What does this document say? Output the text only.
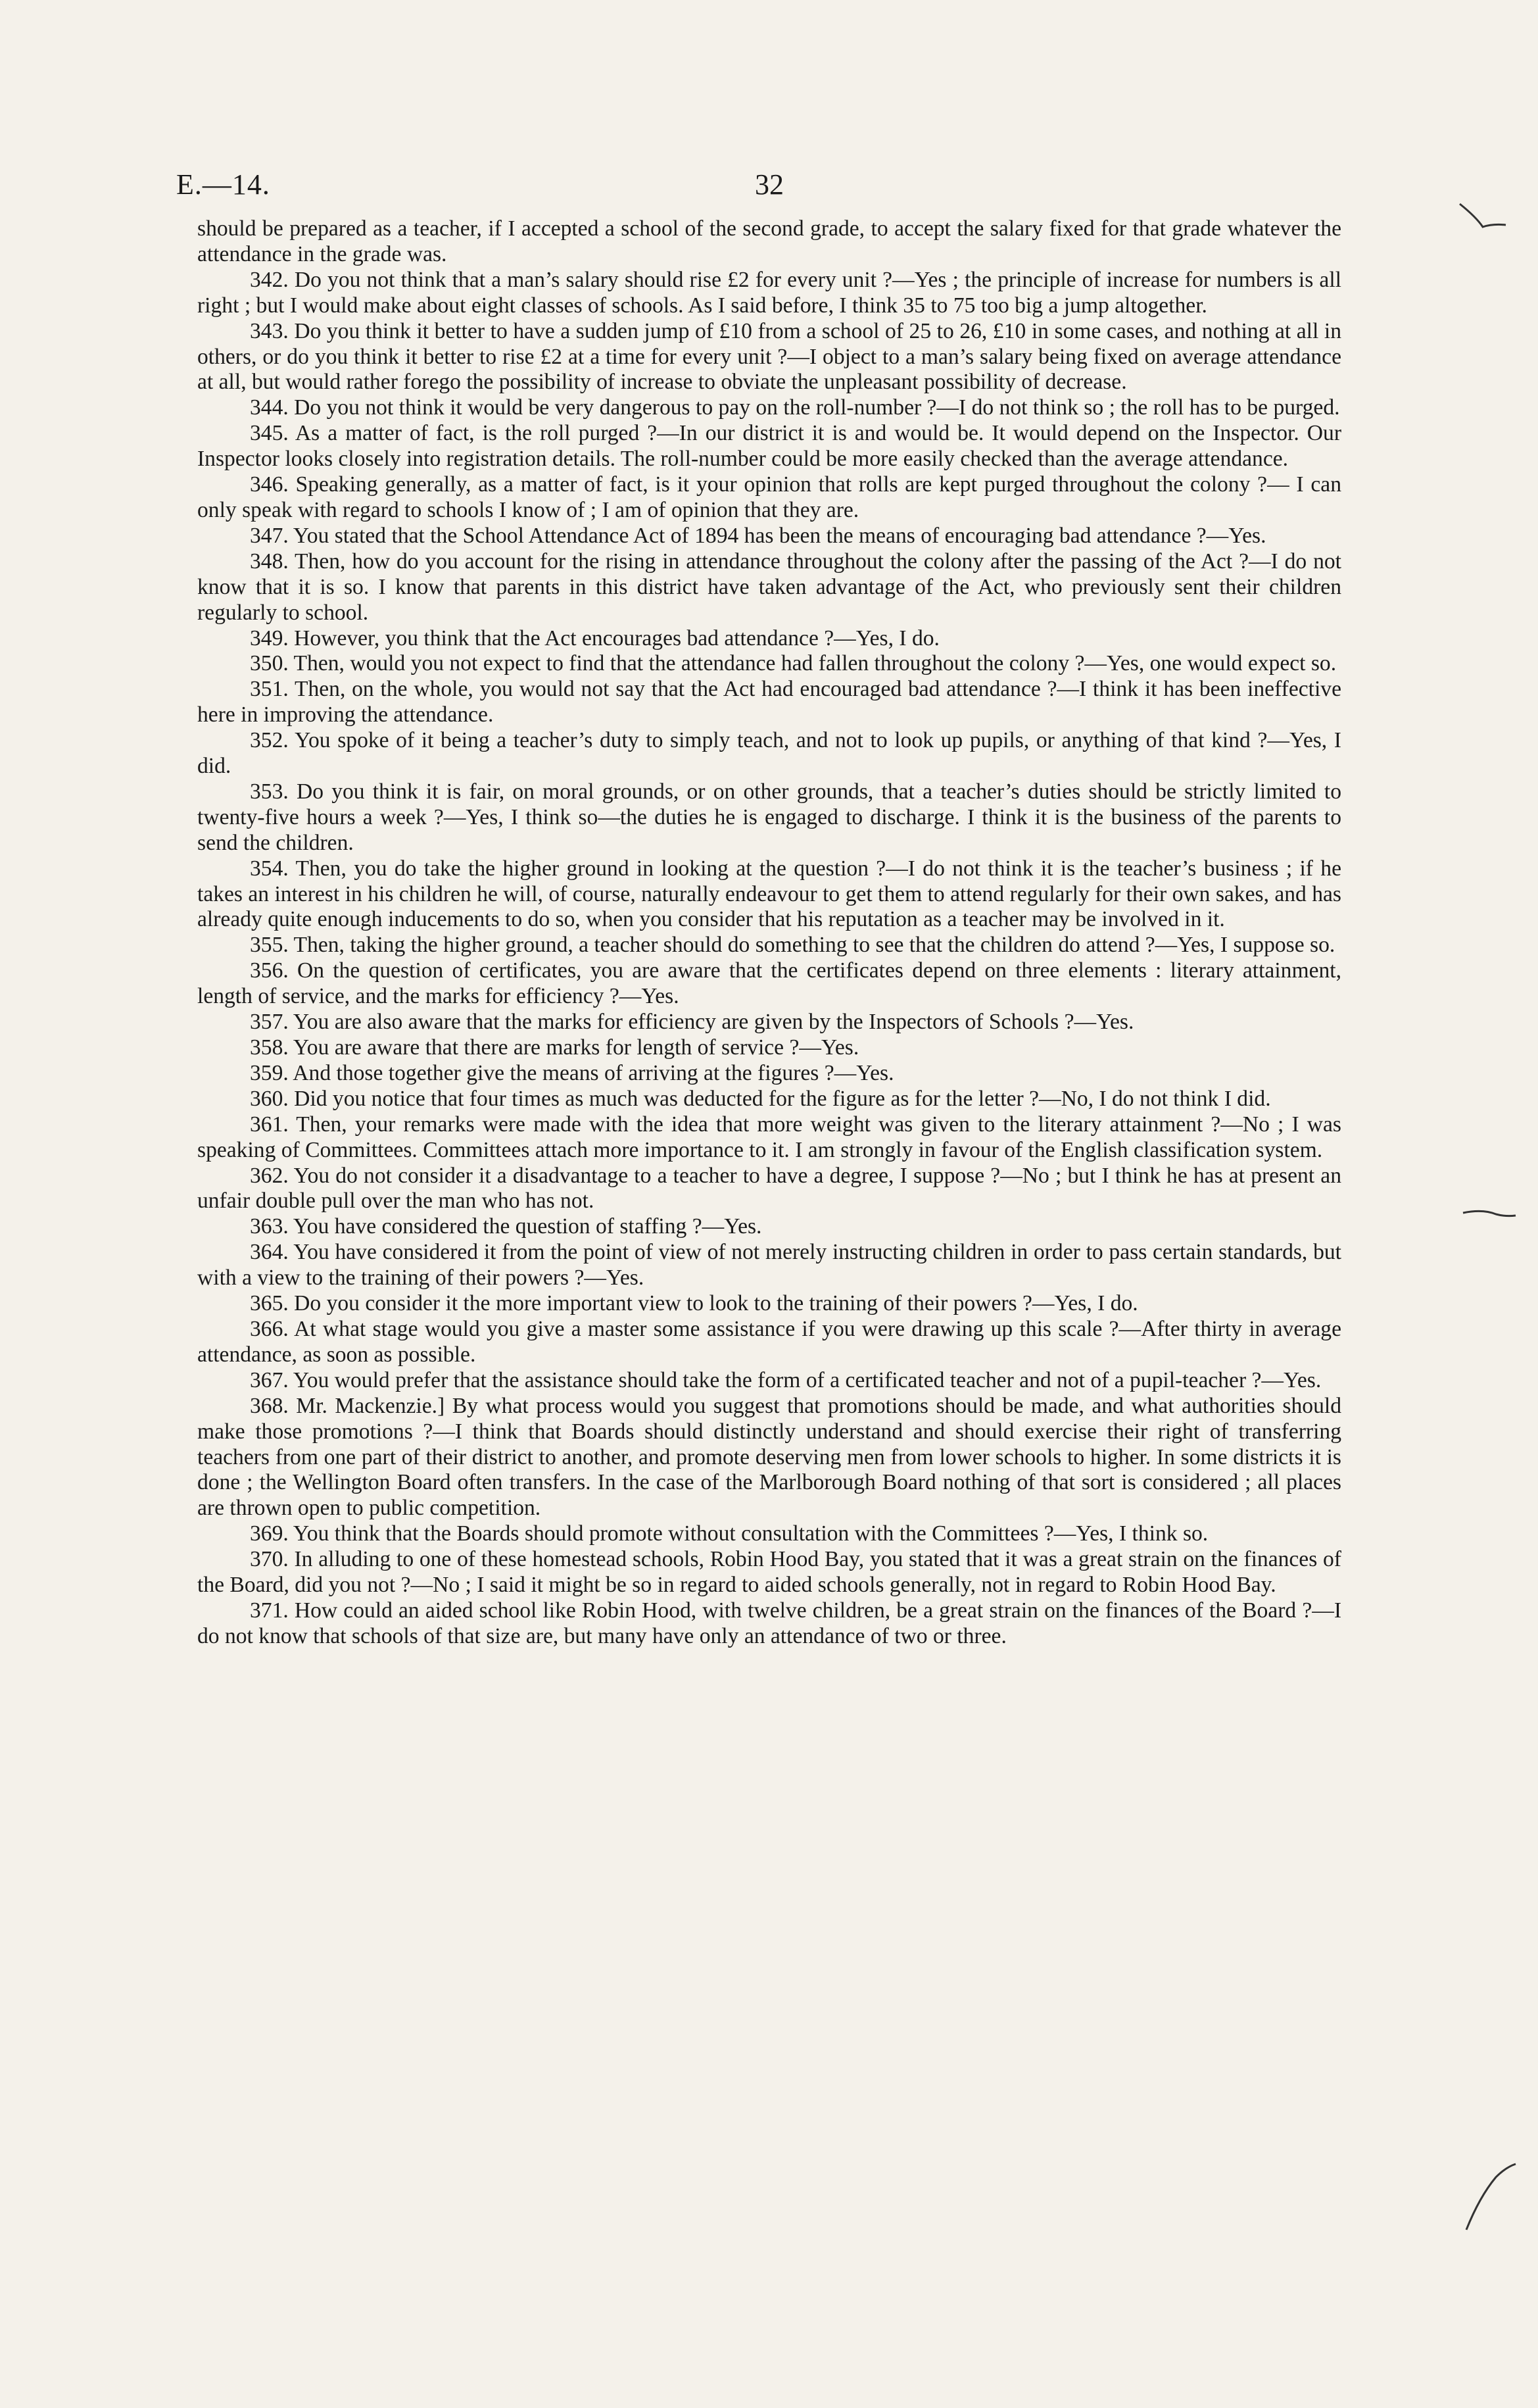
E.—14.	32

should be prepared as a teacher, if I accepted a school of the second grade, to accept the salary fixed for that grade whatever the attendance in the grade was.

342. Do you not think that a man’s salary should rise £2 for every unit ?—Yes ; the principle of increase for numbers is all right ; but I would make about eight classes of schools. As I said before, I think 35 to 75 too big a jump altogether.

343. Do you think it better to have a sudden jump of £10 from a school of 25 to 26, £10 in some cases, and nothing at all in others, or do you think it better to rise £2 at a time for every unit ?—I object to a man’s salary being fixed on average attendance at all, but would rather forego the possibility of increase to obviate the unpleasant possibility of decrease.

344. Do you not think it would be very dangerous to pay on the roll-number ?—I do not think so ; the roll has to be purged.

345. As a matter of fact, is the roll purged ?—In our district it is and would be. It would depend on the Inspector. Our Inspector looks closely into registration details. The roll-number could be more easily checked than the average attendance.

346. Speaking generally, as a matter of fact, is it your opinion that rolls are kept purged throughout the colony ?— I can only speak with regard to schools I know of ; I am of opinion that they are.

347. You stated that the School Attendance Act of 1894 has been the means of encouraging bad attendance ?—Yes.

348. Then, how do you account for the rising in attendance throughout the colony after the passing of the Act ?—I do not know that it is so. I know that parents in this district have taken advantage of the Act, who previously sent their children regularly to school.

349. However, you think that the Act encourages bad attendance ?—Yes, I do.

350. Then, would you not expect to find that the attendance had fallen throughout the colony ?—Yes, one would expect so.

351. Then, on the whole, you would not say that the Act had encouraged bad attendance ?—I think it has been ineffective here in improving the attendance.

352. You spoke of it being a teacher’s duty to simply teach, and not to look up pupils, or anything of that kind ?—Yes, I did.

353. Do you think it is fair, on moral grounds, or on other grounds, that a teacher’s duties should be strictly limited to twenty-five hours a week ?—Yes, I think so—the duties he is engaged to discharge. I think it is the business of the parents to send the children.

354. Then, you do take the higher ground in looking at the question ?—I do not think it is the teacher’s business ; if he takes an interest in his children he will, of course, naturally endeavour to get them to attend regularly for their own sakes, and has already quite enough inducements to do so, when you consider that his reputation as a teacher may be involved in it.

355. Then, taking the higher ground, a teacher should do something to see that the children do attend ?—Yes, I suppose so.

356. On the question of certificates, you are aware that the certificates depend on three elements : literary attainment, length of service, and the marks for efficiency ?—Yes.

357. You are also aware that the marks for efficiency are given by the Inspectors of Schools ?—Yes.

358. You are aware that there are marks for length of service ?—Yes.

359. And those together give the means of arriving at the figures ?—Yes.

360. Did you notice that four times as much was deducted for the figure as for the letter ?—No, I do not think I did.

361. Then, your remarks were made with the idea that more weight was given to the literary attainment ?—No ; I was speaking of Committees. Committees attach more importance to it. I am strongly in favour of the English classification system.

362. You do not consider it a disadvantage to a teacher to have a degree, I suppose ?—No ; but I think he has at present an unfair double pull over the man who has not.

363. You have considered the question of staffing ?—Yes.

364. You have considered it from the point of view of not merely instructing children in order to pass certain standards, but with a view to the training of their powers ?—Yes.

365. Do you consider it the more important view to look to the training of their powers ?—Yes, I do.

366. At what stage would you give a master some assistance if you were drawing up this scale ?—After thirty in average attendance, as soon as possible.

367. You would prefer that the assistance should take the form of a certificated teacher and not of a pupil-teacher ?—Yes.

368. Mr. Mackenzie.] By what process would you suggest that promotions should be made, and what authorities should make those promotions ?—I think that Boards should distinctly understand and should exercise their right of transferring teachers from one part of their district to another, and promote deserving men from lower schools to higher. In some districts it is done ; the Wellington Board often transfers. In the case of the Marlborough Board nothing of that sort is considered ; all places are thrown open to public competition.

369. You think that the Boards should promote without consultation with the Committees ?—Yes, I think so.

370. In alluding to one of these homestead schools, Robin Hood Bay, you stated that it was a great strain on the finances of the Board, did you not ?—No ; I said it might be so in regard to aided schools generally, not in regard to Robin Hood Bay.

371. How could an aided school like Robin Hood, with twelve children, be a great strain on the finances of the Board ?—I do not know that schools of that size are, but many have only an attendance of two or three.
